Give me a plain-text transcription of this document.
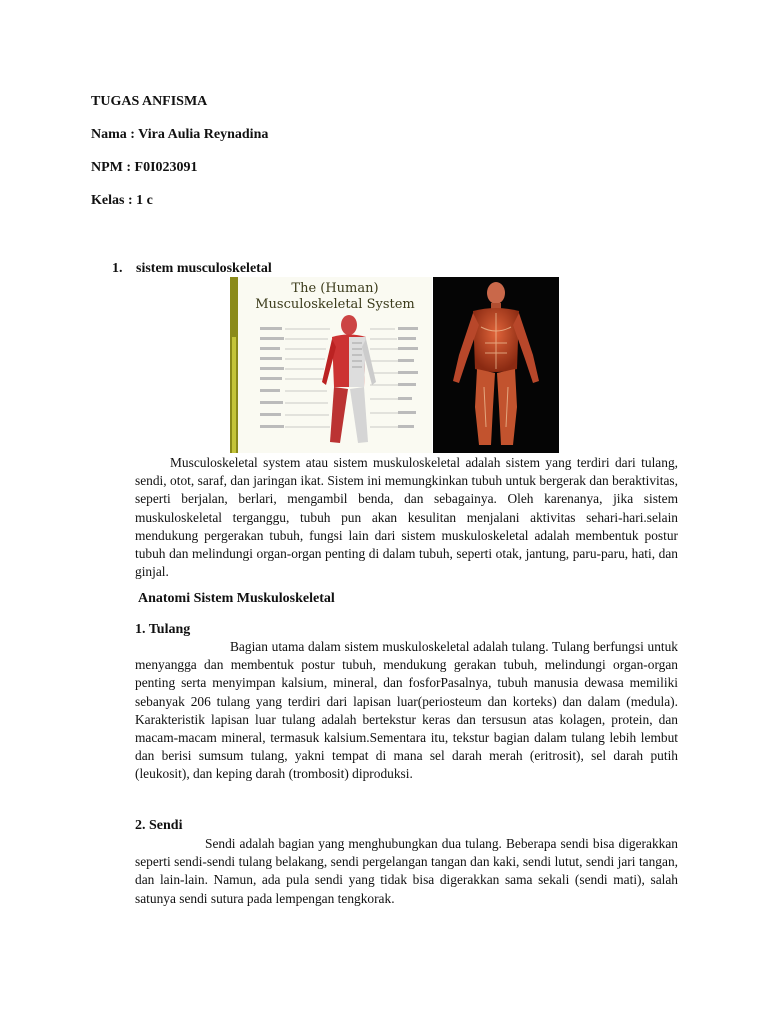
TUGAS ANFISMA

Nama : Vira Aulia Reynadina

NPM : F0I023091

Kelas : 1 c

1. sistem musculoskeletal

The (Human)
Musculoskeletal System

Musculoskeletal system atau sistem muskuloskeletal adalah sistem yang terdiri dari tulang, sendi, otot, saraf, dan jaringan ikat. Sistem ini memungkinkan tubuh untuk bergerak dan beraktivitas, seperti berjalan, berlari, mengambil benda, dan sebagainya. Oleh karenanya, jika sistem muskuloskeletal terganggu, tubuh pun akan kesulitan menjalani aktivitas sehari-hari.selain mendukung pergerakan tubuh, fungsi lain dari sistem muskuloskeletal adalah membentuk postur tubuh dan melindungi organ-organ penting di dalam tubuh, seperti otak, jantung, paru-paru, hati, dan ginjal.

Anatomi Sistem Muskuloskeletal

1. Tulang

Bagian utama dalam sistem muskuloskeletal adalah tulang. Tulang berfungsi untuk menyangga dan membentuk postur tubuh, mendukung gerakan tubuh, melindungi organ-organ penting serta menyimpan kalsium, mineral, dan fosforPasalnya, tubuh manusia dewasa memiliki sebanyak 206 tulang yang terdiri dari lapisan luar(periosteum dan korteks) dan dalam (medula). Karakteristik lapisan luar tulang adalah bertekstur keras dan tersusun atas kolagen, protein, dan macam-macam mineral, termasuk kalsium.Sementara itu, tekstur bagian dalam tulang lebih lembut dan berisi sumsum tulang, yakni tempat di mana sel darah merah (eritrosit), sel darah putih (leukosit), dan keping darah (trombosit) diproduksi.

2. Sendi

Sendi adalah bagian yang menghubungkan dua tulang. Beberapa sendi bisa digerakkan seperti sendi-sendi tulang belakang, sendi pergelangan tangan dan kaki, sendi lutut, sendi jari tangan, dan lain-lain. Namun, ada pula sendi yang tidak bisa digerakkan sama sekali (sendi mati), salah satunya sendi sutura pada lempengan tengkorak.
